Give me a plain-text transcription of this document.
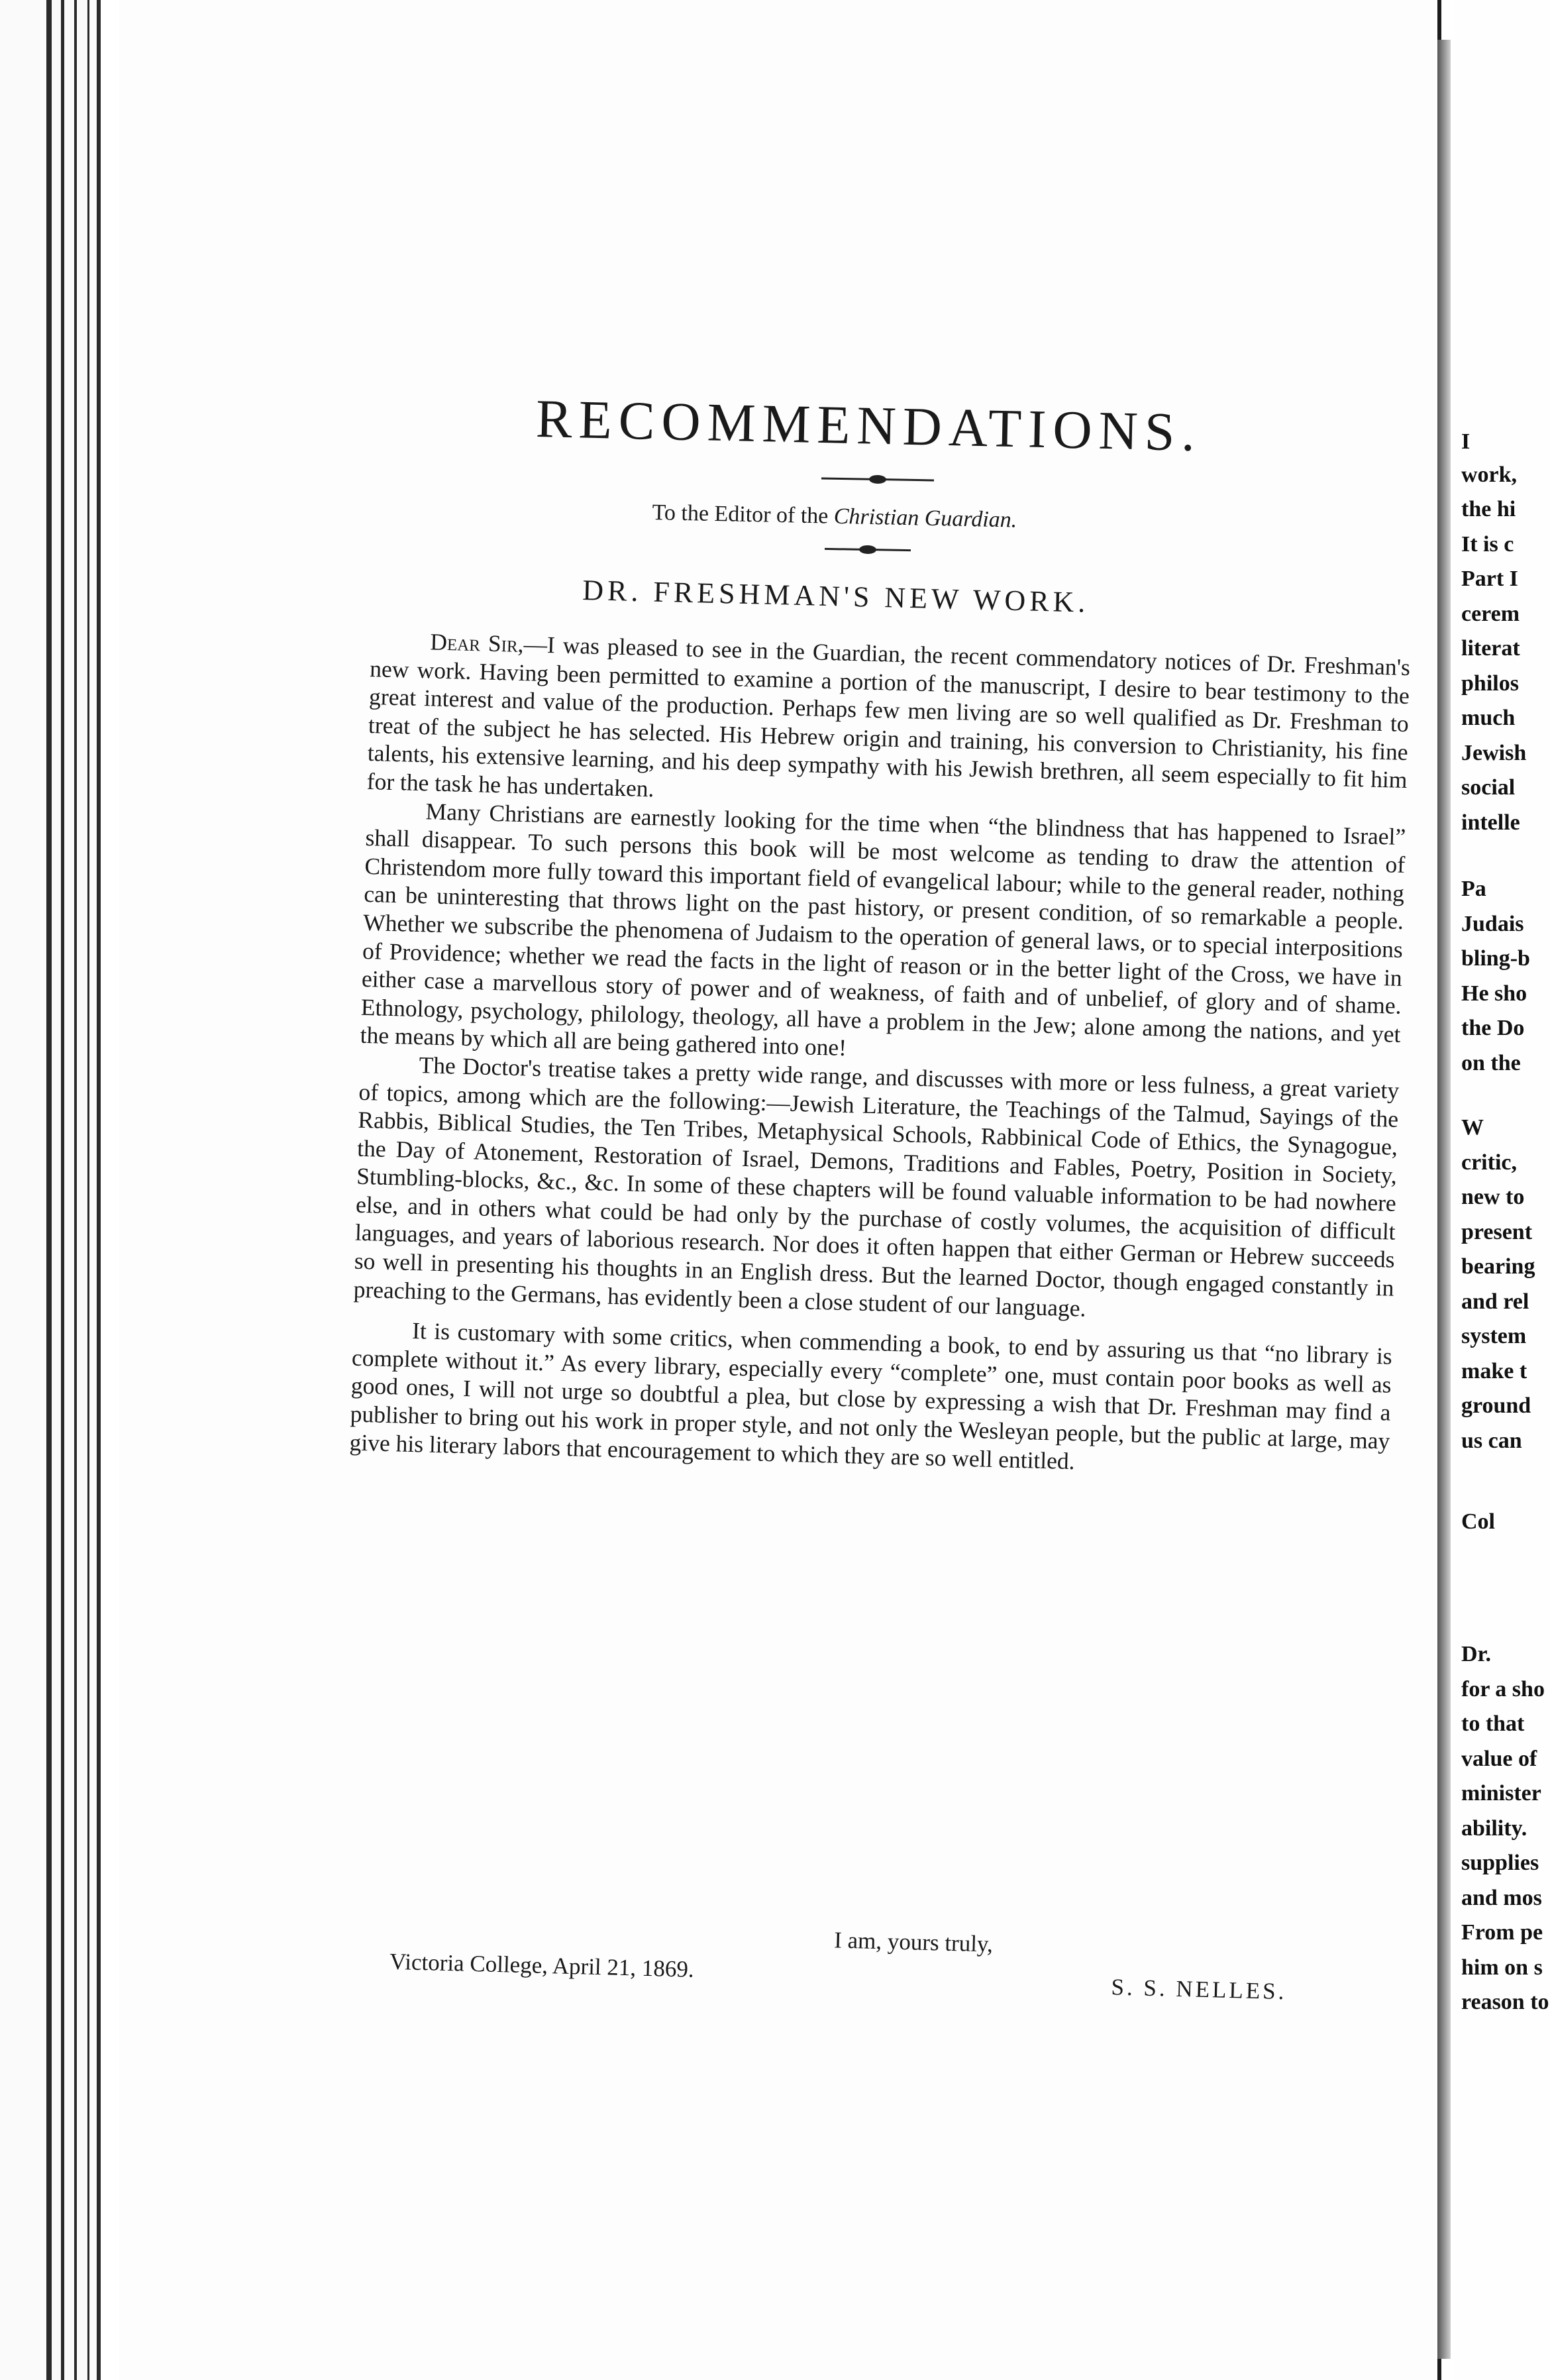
I
work,
the hi
It is c
Part I
cerem
literat
philos
much
Jewish
social
intelle
Pa
Judais
bling-b
He sho
the Do
on the
W
critic,
new to
present
bearing
and rel
system
make t
ground
us can
Col
Dr.
for a sho
to that
value of
minister
ability.
supplies
and mos
From pe
him on s
reason to
RECOMMENDATIONS.
To the Editor of the Christian Guardian.
DR. FRESHMAN'S NEW WORK.

Dear Sir,—I was pleased to see in the Guardian, the recent commendatory notices of Dr. Freshman's new work. Having been permitted to examine a portion of the manuscript, I desire to bear testimony to the great interest and value of the production. Perhaps few men living are so well qualified as Dr. Freshman to treat of the subject he has selected. His Hebrew origin and training, his conversion to Christianity, his fine talents, his extensive learning, and his deep sympathy with his Jewish brethren, all seem especially to fit him for the task he has undertaken.

Many Christians are earnestly looking for the time when “the blindness that has happened to Israel” shall disappear. To such persons this book will be most welcome as tending to draw the attention of Christendom more fully toward this important field of evangelical labour; while to the general reader, nothing can be uninteresting that throws light on the past history, or present condition, of so remarkable a people. Whether we subscribe the phenomena of Judaism to the operation of general laws, or to special interpositions of Providence; whether we read the facts in the light of reason or in the better light of the Cross, we have in either case a marvellous story of power and of weakness, of faith and of unbelief, of glory and of shame. Ethnology, psychology, philology, theology, all have a problem in the Jew; alone among the nations, and yet the means by which all are being gathered into one!

The Doctor's treatise takes a pretty wide range, and discusses with more or less fulness, a great variety of topics, among which are the following:—Jewish Literature, the Teachings of the Talmud, Sayings of the Rabbis, Biblical Studies, the Ten Tribes, Metaphysical Schools, Rabbinical Code of Ethics, the Synagogue, the Day of Atonement, Restoration of Israel, Demons, Traditions and Fables, Poetry, Position in Society, Stumbling-blocks, &c., &c. In some of these chapters will be found valuable information to be had nowhere else, and in others what could be had only by the purchase of costly volumes, the acquisition of difficult languages, and years of laborious research. Nor does it often happen that either German or Hebrew succeeds so well in presenting his thoughts in an English dress. But the learned Doctor, though engaged constantly in preaching to the Germans, has evidently been a close student of our language.

It is customary with some critics, when commending a book, to end by assuring us that “no library is complete without it.” As every library, especially every “complete” one, must contain poor books as well as good ones, I will not urge so doubtful a plea, but close by expressing a wish that Dr. Freshman may find a publisher to bring out his work in proper style, and not only the Wesleyan people, but the public at large, may give his literary labors that encouragement to which they are so well entitled.

I am, yours truly,
Victoria College, April 21, 1869.
S. S. NELLES.
